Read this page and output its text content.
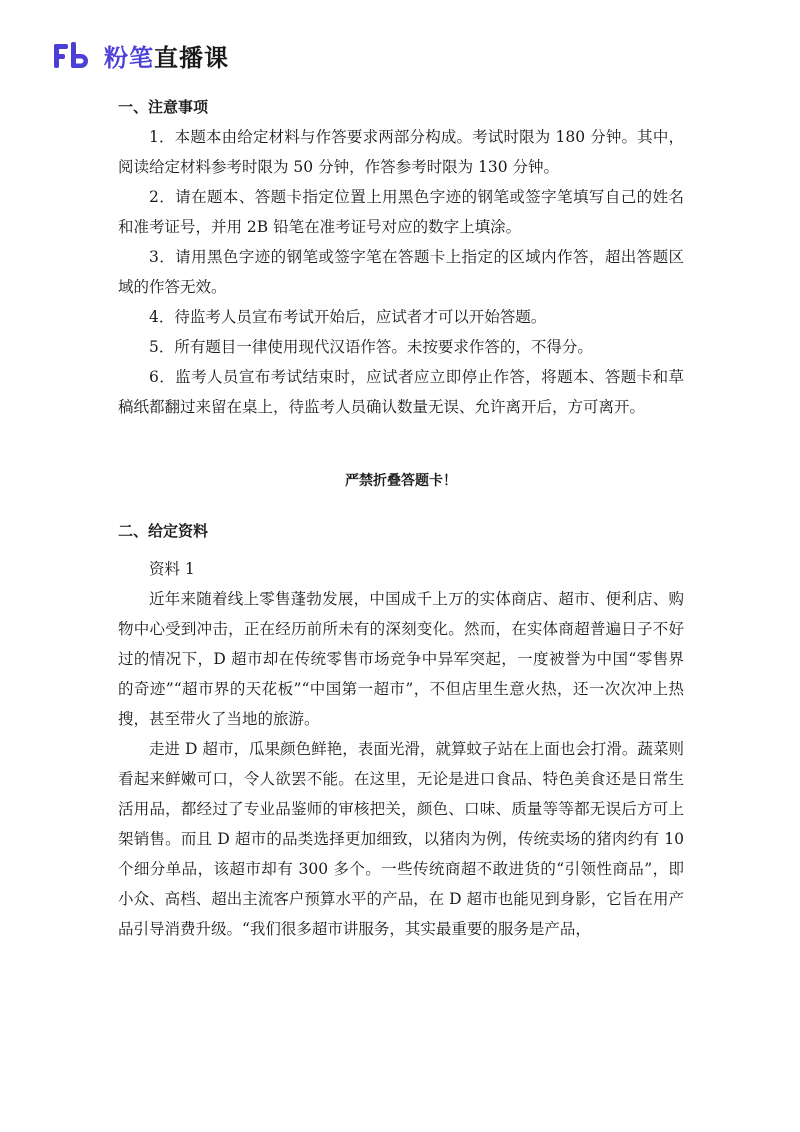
粉笔直播课
一、注意事项

1．本题本由给定材料与作答要求两部分构成。考试时限为 180 分钟。其中，阅读给定材料参考时限为 50 分钟，作答参考时限为 130 分钟。

2．请在题本、答题卡指定位置上用黑色字迹的钢笔或签字笔填写自己的姓名和准考证号，并用 2B 铅笔在准考证号对应的数字上填涂。

3．请用黑色字迹的钢笔或签字笔在答题卡上指定的区域内作答，超出答题区域的作答无效。

4．待监考人员宣布考试开始后，应试者才可以开始答题。

5．所有题目一律使用现代汉语作答。未按要求作答的，不得分。

6．监考人员宣布考试结束时，应试者应立即停止作答，将题本、答题卡和草稿纸都翻过来留在桌上，待监考人员确认数量无误、允许离开后，方可离开。

严禁折叠答题卡！
二、给定资料

资料 1

近年来随着线上零售蓬勃发展，中国成千上万的实体商店、超市、便利店、购物中心受到冲击，正在经历前所未有的深刻变化。然而，在实体商超普遍日子不好过的情况下，D 超市却在传统零售市场竞争中异军突起，一度被誉为中国“零售界的奇迹”“超市界的天花板”“中国第一超市”，不但店里生意火热，还一次次冲上热搜，甚至带火了当地的旅游。

走进 D 超市，瓜果颜色鲜艳，表面光滑，就算蚊子站在上面也会打滑。蔬菜则看起来鲜嫩可口，令人欲罢不能。在这里，无论是进口食品、特色美食还是日常生活用品，都经过了专业品鉴师的审核把关，颜色、口味、质量等等都无误后方可上架销售。而且 D 超市的品类选择更加细致，以猪肉为例，传统卖场的猪肉约有 10 个细分单品，该超市却有 300 多个。一些传统商超不敢进货的“引领性商品”，即小众、高档、超出主流客户预算水平的产品，在 D 超市也能见到身影，它旨在用产品引导消费升级。“我们很多超市讲服务，其实最重要的服务是产品，
